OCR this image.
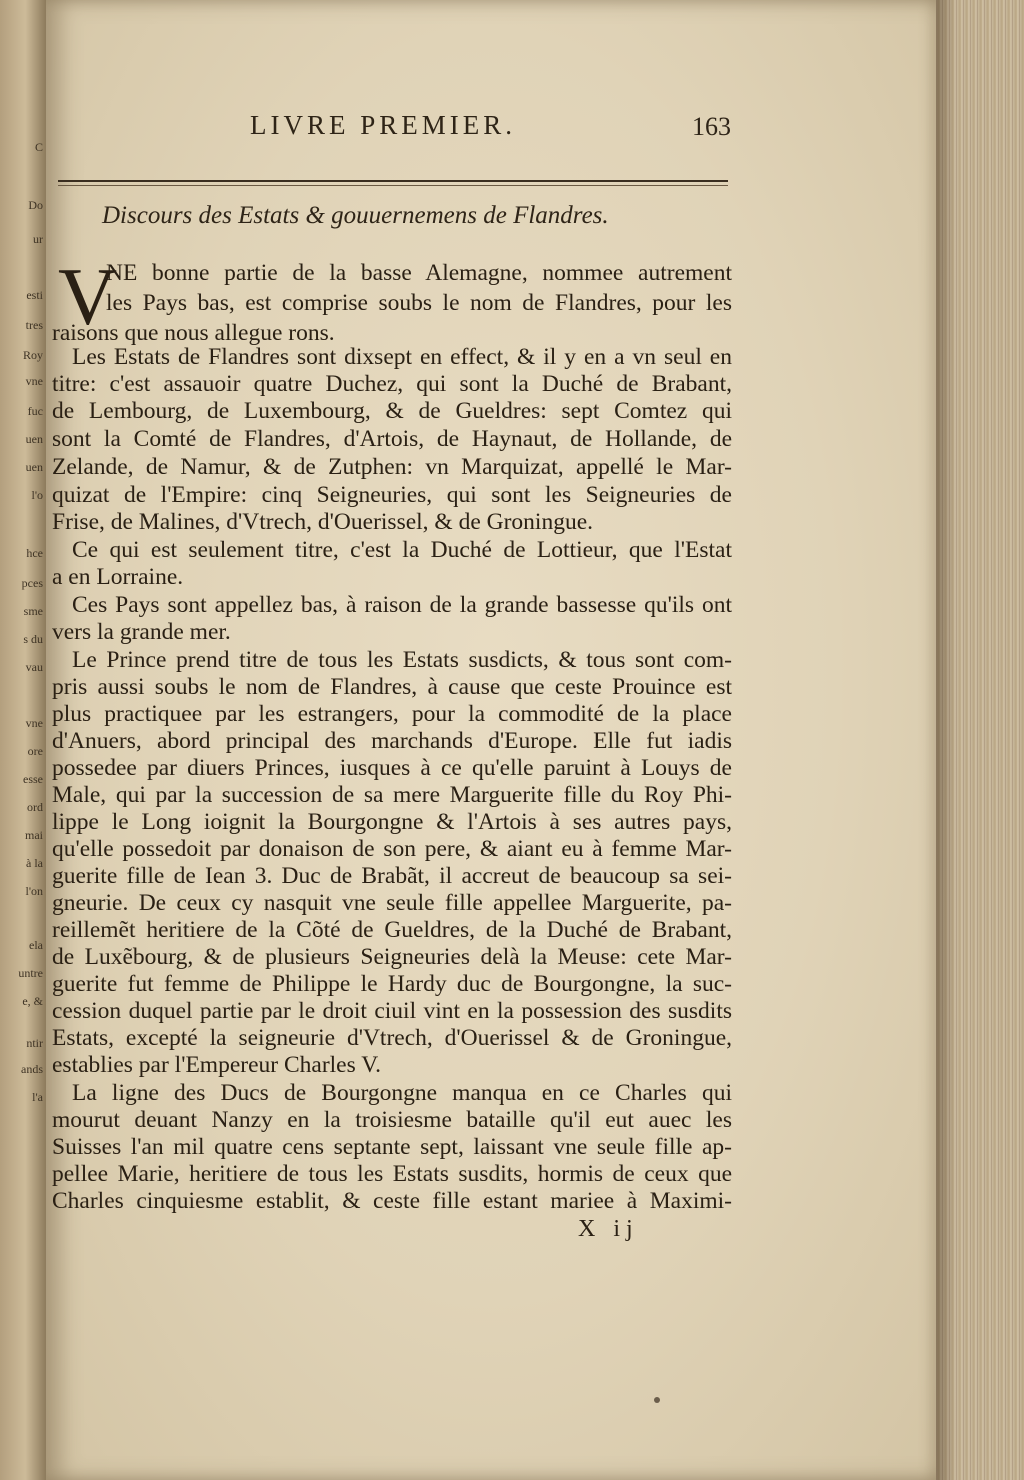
C
Do
ur
esti
tres
Roy
vne
fuc
uen
uen
l'o
hce
pces
sme
s du
vau
vne
ore
esse
ord
mai
à la
l'on
ela
untre
e, &
ntir
ands
l'a
LIVRE PREMIER.	163
Discours des Estats & gouuernemens de Flandres.
V
NE bonne partie de la basse Alemagne, nommee autrement
les Pays bas, est comprise soubs le nom de Flandres, pour les
raisons que nous allegue rons.
Les Estats de Flandres sont dixsept en effect, & il y en a vn seul en
titre: c'est assauoir quatre Duchez, qui sont la Duché de Brabant,
de Lembourg, de Luxembourg, & de Gueldres: sept Comtez qui
sont la Comté de Flandres, d'Artois, de Haynaut, de Hollande, de
Zelande, de Namur, & de Zutphen: vn Marquizat, appellé le Mar-
quizat de l'Empire: cinq Seigneuries, qui sont les Seigneuries de
Frise, de Malines, d'Vtrech, d'Ouerissel, & de Groningue.
Ce qui est seulement titre, c'est la Duché de Lottieur, que l'Estat
a en Lorraine.
Ces Pays sont appellez bas, à raison de la grande bassesse qu'ils ont
vers la grande mer.
Le Prince prend titre de tous les Estats susdicts, & tous sont com-
pris aussi soubs le nom de Flandres, à cause que ceste Prouince est
plus practiquee par les estrangers, pour la commodité de la place
d'Anuers, abord principal des marchands d'Europe. Elle fut iadis
possedee par diuers Princes, iusques à ce qu'elle paruint à Louys de
Male, qui par la succession de sa mere Marguerite fille du Roy Phi-
lippe le Long ioignit la Bourgongne & l'Artois à ses autres pays,
qu'elle possedoit par donaison de son pere, & aiant eu à femme Mar-
guerite fille de Iean 3. Duc de Brabãt, il accreut de beaucoup sa sei-
gneurie. De ceux cy nasquit vne seule fille appellee Marguerite, pa-
reillemẽt heritiere de la Cõté de Gueldres, de la Duché de Brabant,
de Luxẽbourg, & de plusieurs Seigneuries delà la Meuse: cete Mar-
guerite fut femme de Philippe le Hardy duc de Bourgongne, la suc-
cession duquel partie par le droit ciuil vint en la possession des susdits
Estats, excepté la seigneurie d'Vtrech, d'Ouerissel & de Groningue,
establies par l'Empereur Charles V.
La ligne des Ducs de Bourgongne manqua en ce Charles qui
mourut deuant Nanzy en la troisiesme bataille qu'il eut auec les
Suisses l'an mil quatre cens septante sept, laissant vne seule fille ap-
pellee Marie, heritiere de tous les Estats susdits, hormis de ceux que
Charles cinquiesme establit, & ceste fille estant mariee à Maximi-
X ij
